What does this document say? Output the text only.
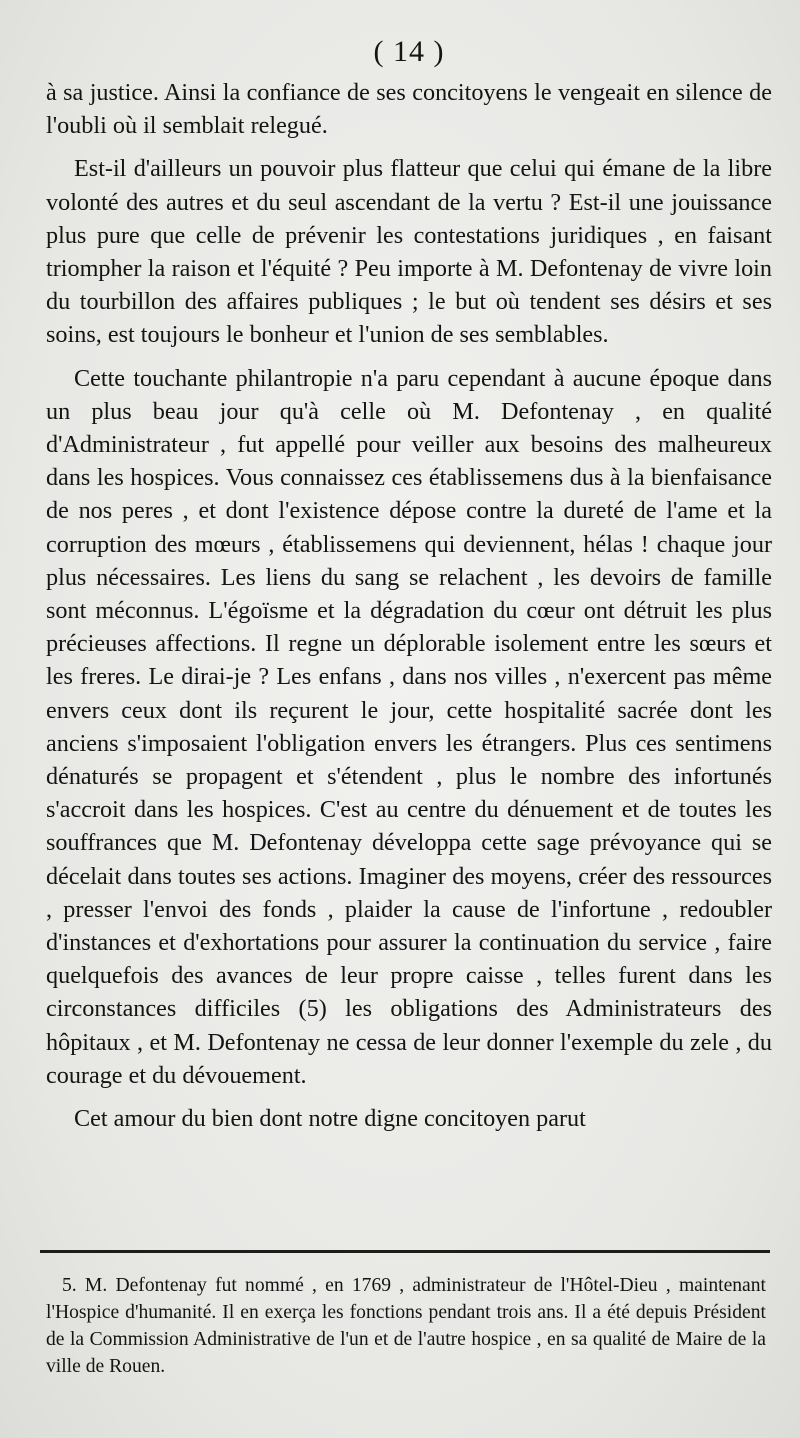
( 14 )

à sa justice. Ainsi la confiance de ses concitoyens le vengeait en silence de l'oubli où il semblait relegué.

Est-il d'ailleurs un pouvoir plus flatteur que celui qui émane de la libre volonté des autres et du seul ascendant de la vertu ? Est-il une jouissance plus pure que celle de prévenir les contestations juridiques , en faisant triompher la raison et l'équité ? Peu importe à M. Defontenay de vivre loin du tourbillon des affaires publiques ; le but où tendent ses désirs et ses soins, est toujours le bonheur et l'union de ses semblables.

Cette touchante philantropie n'a paru cependant à aucune époque dans un plus beau jour qu'à celle où M. Defontenay , en qualité d'Administrateur , fut appellé pour veiller aux besoins des malheureux dans les hospices. Vous connaissez ces établissemens dus à la bienfaisance de nos peres , et dont l'existence dépose contre la dureté de l'ame et la corruption des mœurs , établissemens qui deviennent, hélas ! chaque jour plus nécessaires. Les liens du sang se relachent , les devoirs de famille sont méconnus. L'égoïsme et la dégradation du cœur ont détruit les plus précieuses affections. Il regne un déplorable isolement entre les sœurs et les freres. Le dirai-je ? Les enfans , dans nos villes , n'exercent pas même envers ceux dont ils reçurent le jour, cette hospitalité sacrée dont les anciens s'imposaient l'obligation envers les étrangers. Plus ces sentimens dénaturés se propagent et s'étendent , plus le nombre des infortunés s'accroit dans les hospices. C'est au centre du dénuement et de toutes les souffrances que M. Defontenay développa cette sage prévoyance qui se décelait dans toutes ses actions. Imaginer des moyens, créer des ressources , presser l'envoi des fonds , plaider la cause de l'infortune , redoubler d'instances et d'exhortations pour assurer la continuation du service , faire quelquefois des avances de leur propre caisse , telles furent dans les circonstances difficiles (5) les obligations des Administrateurs des hôpitaux , et M. Defontenay ne cessa de leur donner l'exemple du zele , du courage et du dévouement.

Cet amour du bien dont notre digne concitoyen parut

5. M. Defontenay fut nommé , en 1769 , administrateur de l'Hôtel-Dieu , maintenant l'Hospice d'humanité. Il en exerça les fonctions pendant trois ans. Il a été depuis Président de la Commission Administrative de l'un et de l'autre hospice , en sa qualité de Maire de la ville de Rouen.
